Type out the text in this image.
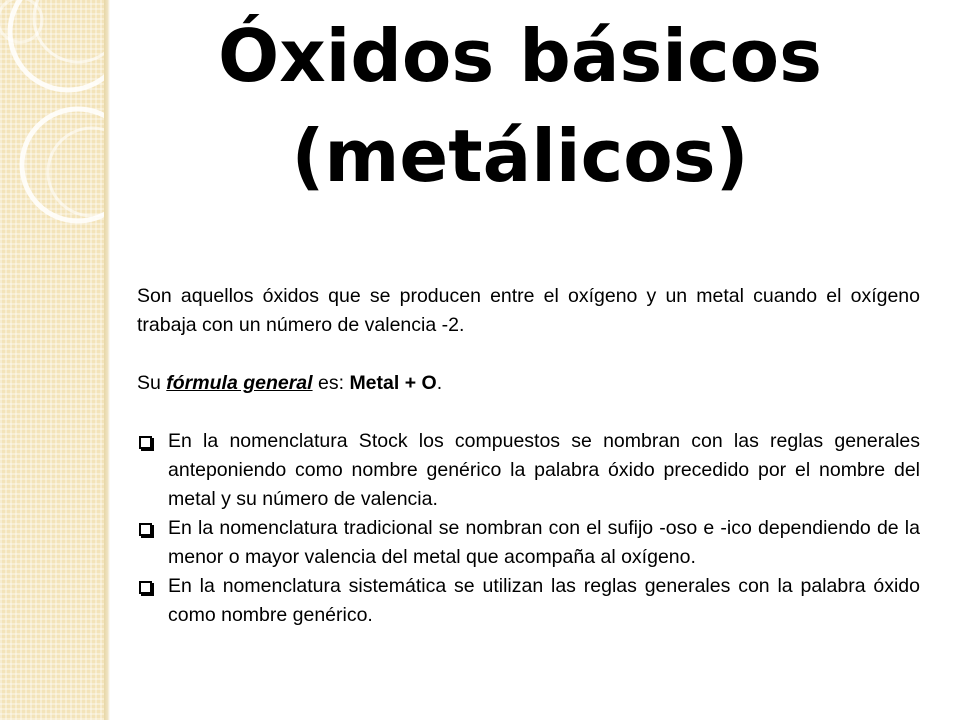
Óxidos básicos
(metálicos)

Son aquellos óxidos que se producen entre el oxígeno y un metal cuando el oxígeno trabaja con un número de valencia -2.

Su fórmula general es: Metal + O.

En la nomenclatura Stock los compuestos se nombran con las reglas generales anteponiendo como nombre genérico la palabra óxido precedido por el nombre del metal y su número de valencia.
En la nomenclatura tradicional se nombran con el sufijo -oso e -ico dependiendo de la menor o mayor valencia del metal que acompaña al oxígeno.
En la nomenclatura sistemática se utilizan las reglas generales con la palabra óxido como nombre genérico.
